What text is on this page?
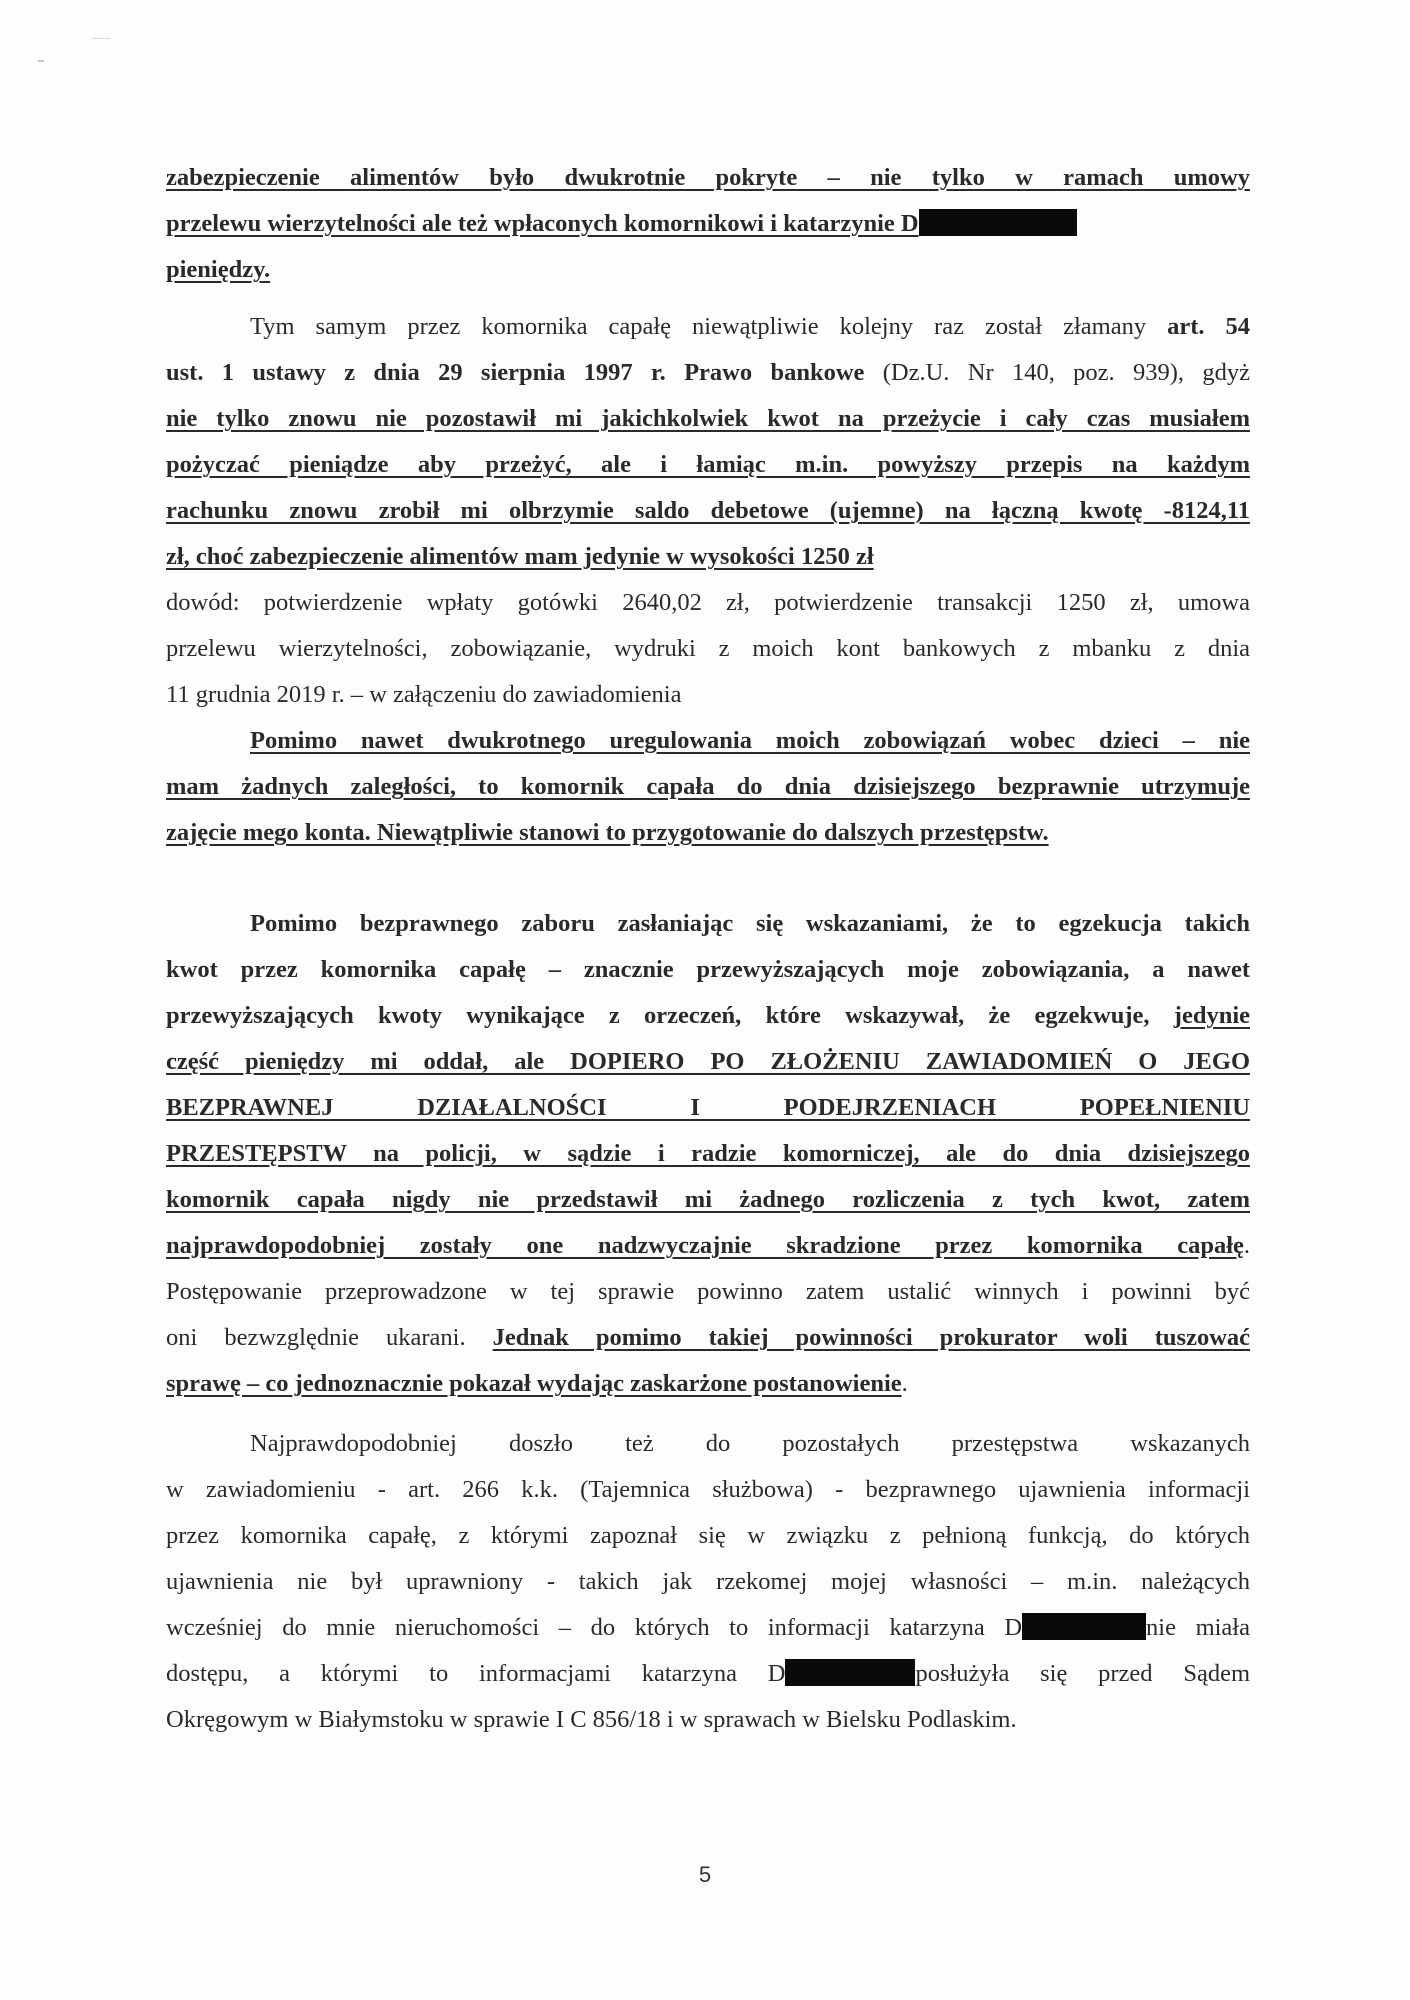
zabezpieczenie alimentów było dwukrotnie pokryte – nie tylko w ramach umowy
przelewu wierzytelności ale też wpłaconych komornikowi i katarzynie D
pieniędzy.
Tym samym przez komornika capałę niewątpliwie kolejny raz został złamany art. 54
ust. 1 ustawy z dnia 29 sierpnia 1997 r. Prawo bankowe (Dz.U. Nr 140, poz. 939), gdyż
nie tylko znowu nie pozostawił mi jakichkolwiek kwot na przeżycie i cały czas musiałem
pożyczać pieniądze aby przeżyć, ale i łamiąc m.in. powyższy przepis na każdym
rachunku znowu zrobił mi olbrzymie saldo debetowe (ujemne) na łączną kwotę -8124,11
zł, choć zabezpieczenie alimentów mam jedynie w wysokości 1250 zł
dowód: potwierdzenie wpłaty gotówki 2640,02 zł, potwierdzenie transakcji 1250 zł, umowa
przelewu wierzytelności, zobowiązanie, wydruki z moich kont bankowych z mbanku z dnia
11 grudnia 2019 r. – w załączeniu do zawiadomienia
Pomimo nawet dwukrotnego uregulowania moich zobowiązań wobec dzieci – nie
mam żadnych zaległości, to komornik capała do dnia dzisiejszego bezprawnie utrzymuje
zajęcie mego konta. Niewątpliwie stanowi to przygotowanie do dalszych przestępstw.
Pomimo bezprawnego zaboru zasłaniając się wskazaniami, że to egzekucja takich
kwot przez komornika capałę – znacznie przewyższających moje zobowiązania, a nawet
przewyższających kwoty wynikające z orzeczeń, które wskazywał, że egzekwuje, jedynie
część pieniędzy mi oddał, ale DOPIERO PO ZŁOŻENIU ZAWIADOMIEŃ O JEGO
BEZPRAWNEJ DZIAŁALNOŚCI I PODEJRZENIACH POPEŁNIENIU
PRZESTĘPSTW na policji, w sądzie i radzie komorniczej, ale do dnia dzisiejszego
komornik capała nigdy nie przedstawił mi żadnego rozliczenia z tych kwot, zatem
najprawdopodobniej zostały one nadzwyczajnie skradzione przez komornika capałę.
Postępowanie przeprowadzone w tej sprawie powinno zatem ustalić winnych i powinni być
oni bezwzględnie ukarani. Jednak pomimo takiej powinności prokurator woli tuszować
sprawę – co jednoznacznie pokazał wydając zaskarżone postanowienie.
Najprawdopodobniej doszło też do pozostałych przestępstwa wskazanych
w zawiadomieniu - art. 266 k.k. (Tajemnica służbowa) - bezprawnego ujawnienia informacji
przez komornika capałę, z którymi zapoznał się w związku z pełnioną funkcją, do których
ujawnienia nie był uprawniony - takich jak rzekomej mojej własności – m.in. należących
wcześniej do mnie nieruchomości – do których to informacji katarzyna D	nie miała
dostępu, a którymi to informacjami katarzyna D	posłużyła się przed Sądem
Okręgowym w Białymstoku w sprawie I C 856/18 i w sprawach w Bielsku Podlaskim.
5
